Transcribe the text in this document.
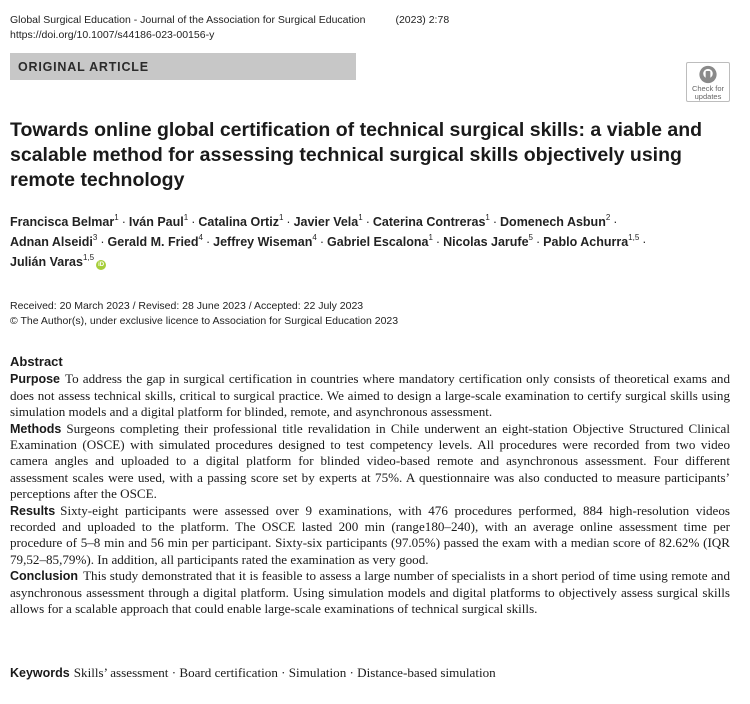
Global Surgical Education - Journal of the Association for Surgical Education	(2023) 2:78
https://doi.org/10.1007/s44186-023-00156-y
ORIGINAL ARTICLE
Check for
updates
Towards online global certification of technical surgical skills: a viable and scalable method for assessing technical surgical skills objectively using remote technology
Francisca Belmar$^1$ · Iván Paul$^1$ · Catalina Ortiz$^1$ · Javier Vela$^1$ · Caterina Contreras$^1$ · Domenech Asbun$^2$ ·
Adnan Alseidi$^3$ · Gerald M. Fried$^4$ · Jeffrey Wiseman$^4$ · Gabriel Escalona$^1$ · Nicolas Jarufe$^5$ · Pablo Achurra$^{1,5}$ ·
Julián Varas$^{1,5}$iD
Received: 20 March 2023 / Revised: 28 June 2023 / Accepted: 22 July 2023
© The Author(s), under exclusive licence to Association for Surgical Education 2023
Abstract

Purpose To address the gap in surgical certification in countries where mandatory certification only consists of theoretical exams and does not assess technical skills, critical to surgical practice. We aimed to design a large-scale examination to certify surgical skills using simulation models and a digital platform for blinded, remote, and asynchronous assessment.

Methods Surgeons completing their professional title revalidation in Chile underwent an eight-station Objective Structured Clinical Examination (OSCE) with simulated procedures designed to test competency levels. All procedures were recorded from two video camera angles and uploaded to a digital platform for blinded video-based remote and asynchronous assessment. Four different assessment scales were used, with a passing score set by experts at 75%. A questionnaire was also conducted to measure participants’ perceptions after the OSCE.

Results Sixty-eight participants were assessed over 9 examinations, with 476 procedures performed, 884 high-resolution videos recorded and uploaded to the platform. The OSCE lasted 200 min (range180–240), with an average online assessment time per procedure of 5–8 min and 56 min per participant. Sixty-six participants (97.05%) passed the exam with a median score of 82.62% (IQR 79,52–85,79%). In addition, all participants rated the examination as very good.

Conclusion This study demonstrated that it is feasible to assess a large number of specialists in a short period of time using remote and asynchronous assessment through a digital platform. Using simulation models and digital platforms to objectively assess surgical skills allows for a scalable approach that could enable large-scale examinations of technical surgical skills.

Keywords Skills’ assessment · Board certification · Simulation · Distance-based simulation
